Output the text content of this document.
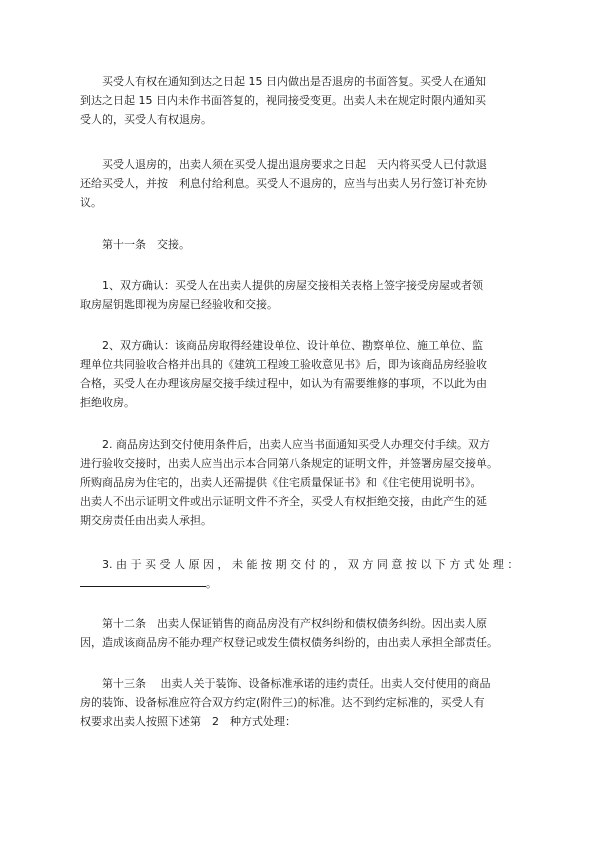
　　买受人有权在通知到达之日起 15 日内做出是否退房的书面答复。买受人在通知
到达之日起 15 日内未作书面答复的，视同接受变更。出卖人未在规定时限内通知买
受人的，买受人有权退房。
　　买受人退房的，出卖人须在买受人提出退房要求之日起　天内将买受人已付款退
还给买受人，并按　利息付给利息。买受人不退房的，应当与出卖人另行签订补充协
议。
　　第十一条　交接。
　　1、双方确认：买受人在出卖人提供的房屋交接相关表格上签字接受房屋或者领
取房屋钥匙即视为房屋已经验收和交接。
　　2、双方确认：该商品房取得经建设单位、设计单位、勘察单位、施工单位、监
理单位共同验收合格并出具的《建筑工程竣工验收意见书》后，即为该商品房经验收
合格，买受人在办理该房屋交接手续过程中，如认为有需要维修的事项，不以此为由
拒绝收房。
　　2. 商品房达到交付使用条件后，出卖人应当书面通知买受人办理交付手续。双方
进行验收交接时，出卖人应当出示本合同第八条规定的证明文件，并签署房屋交接单。
所购商品房为住宅的，出卖人还需提供《住宅质量保证书》和《住宅使用说明书》。
出卖人不出示证明文件或出示证明文件不齐全，买受人有权拒绝交接，由此产生的延
期交房责任由出卖人承担。
　　3. 由 于 买 受 人 原 因 ， 未 能 按 期 交 付 的 ， 双 方 同 意 按 以 下 方 式 处 理 ：
。
　　第十二条　出卖人保证销售的商品房没有产权纠纷和债权债务纠纷。因出卖人原
因，造成该商品房不能办理产权登记或发生债权债务纠纷的，由出卖人承担全部责任。
　　第十三条　 出卖人关于装饰、设备标准承诺的违约责任。出卖人交付使用的商品
房的装饰、设备标准应符合双方约定(附件三)的标准。达不到约定标准的，买受人有
权要求出卖人按照下述第　2　种方式处理：
